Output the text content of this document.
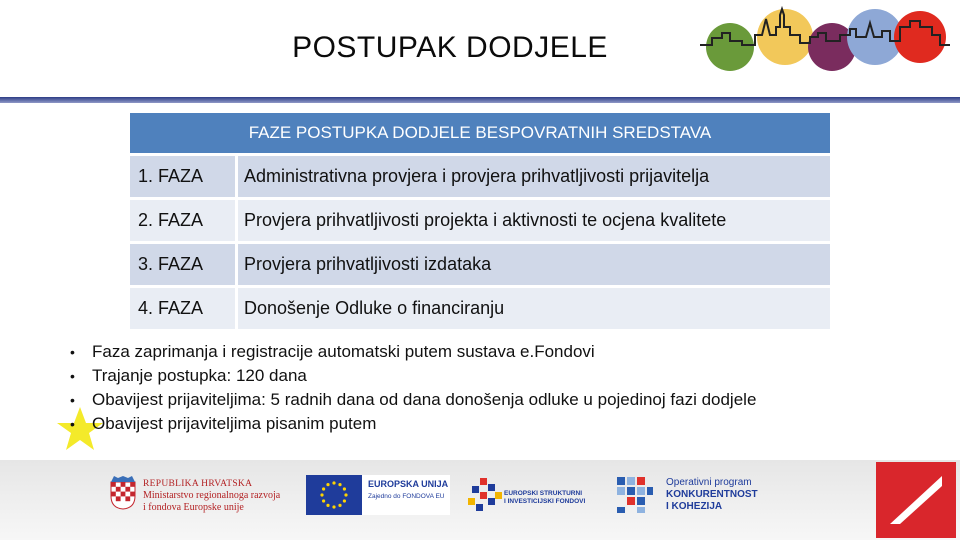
POSTUPAK DODJELE
FAZE POSTUPKA DODJELE BESPOVRATNIH SREDSTAVA
1. FAZA	Administrativna provjera i provjera prihvatljivosti prijavitelja
2. FAZA	Provjera prihvatljivosti projekta i aktivnosti te ocjena kvalitete
3. FAZA	Provjera prihvatljivosti izdataka
4. FAZA	Donošenje Odluke o financiranju
•	Faza zaprimanja i registracije automatski putem sustava e.Fondovi
•	Trajanje postupka: 120 dana
•	Obavijest prijaviteljima: 5 radnih dana od dana donošenja odluke u pojedinoj fazi dodjele
•	Obavijest prijaviteljima pisanim putem
REPUBLIKA HRVATSKA
Ministarstvo regionalnoga razvoja
i fondova Europske unije
EUROPSKA UNIJA
Zajedno do FONDOVA EU	EUROPSKI STRUKTURNI
I INVESTICIJSKI FONDOVI
Operativni program
KONKURENTNOST
I KOHEZIJA
